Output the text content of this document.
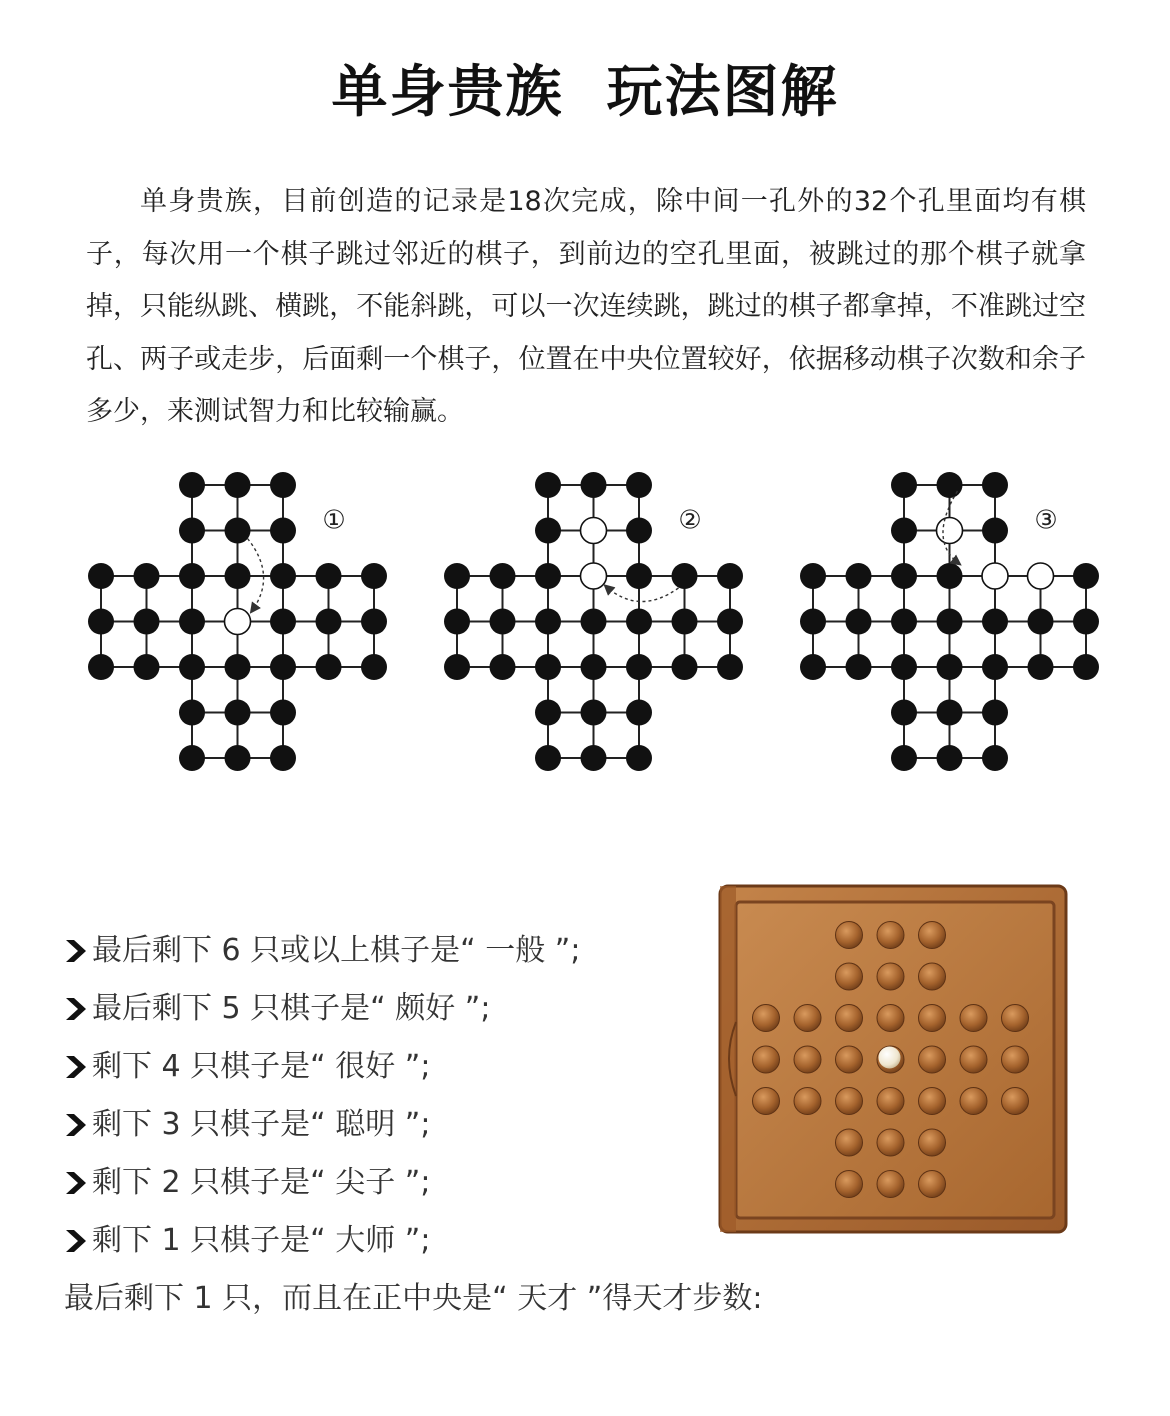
单身贵族  玩法图解
单身贵族，目前创造的记录是18次完成，除中间一孔外的32个孔里面均有棋子，每次用一个棋子跳过邻近的棋子，到前边的空孔里面，被跳过的那个棋子就拿掉，只能纵跳、横跳，不能斜跳，可以一次连续跳，跳过的棋子都拿掉，不准跳过空孔、两子或走步，后面剩一个棋子，位置在中央位置较好，依据移动棋子次数和余子多少，来测试智力和比较输赢。
①	②	③
最后剩下 6 只或以上棋子是“ 一般 ”;
最后剩下 5 只棋子是“ 颇好 ”;
剩下 4 只棋子是“ 很好 ”;
剩下 3 只棋子是“ 聪明 ”;
剩下 2 只棋子是“ 尖子 ”;
剩下 1 只棋子是“ 大师 ”;
最后剩下 1 只，而且在正中央是“ 天才 ”得天才步数:
